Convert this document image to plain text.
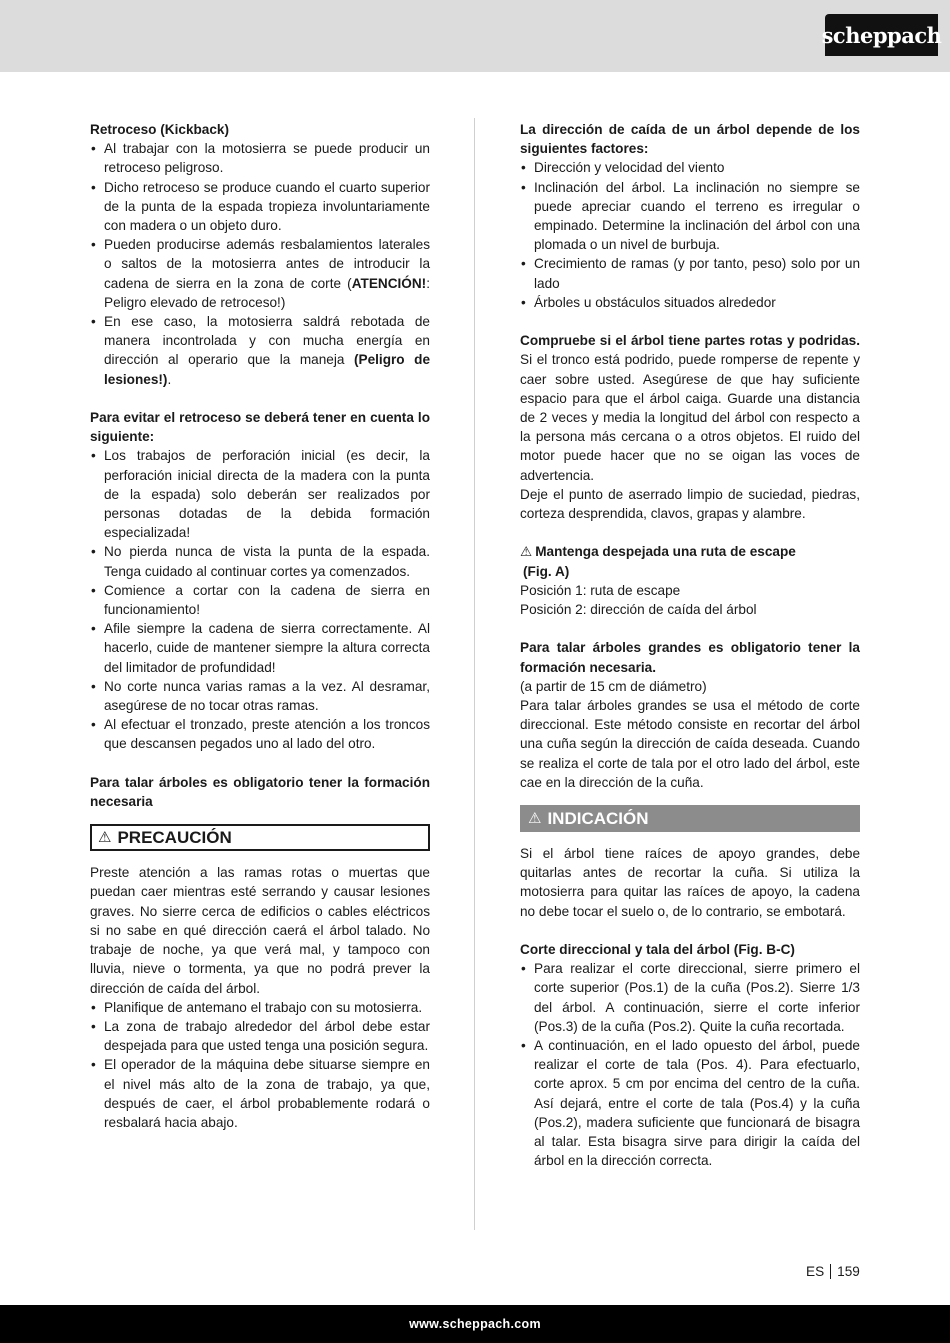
scheppach

Retroceso (Kickback)

• Al trabajar con la motosierra se puede producir un retroceso peligroso.
• Dicho retroceso se produce cuando el cuarto superior de la punta de la espada tropieza involuntariamente con madera o un objeto duro.
• Pueden producirse además resbalamientos laterales o saltos de la motosierra antes de introducir la cadena de sierra en la zona de corte (ATENCIÓN!: Peligro elevado de retroceso!)
• En ese caso, la motosierra saldrá rebotada de manera incontrolada y con mucha energía en dirección al operario que la maneja (Peligro de lesiones!).

Para evitar el retroceso se deberá tener en cuenta lo siguiente:

• Los trabajos de perforación inicial (es decir, la perforación inicial directa de la madera con la punta de la espada) solo deberán ser realizados por personas dotadas de la debida formación especializada!
• No pierda nunca de vista la punta de la espada. Tenga cuidado al continuar cortes ya comenzados.
• Comience a cortar con la cadena de sierra en funcionamiento!
• Afile siempre la cadena de sierra correctamente. Al hacerlo, cuide de mantener siempre la altura correcta del limitador de profundidad!
• No corte nunca varias ramas a la vez. Al desramar, asegúrese de no tocar otras ramas.
• Al efectuar el tronzado, preste atención a los troncos que descansen pegados uno al lado del otro.

Para talar árboles es obligatorio tener la formación necesaria

⚠ PRECAUCIÓN

Preste atención a las ramas rotas o muertas que puedan caer mientras esté serrando y causar lesiones graves. No sierre cerca de edificios o cables eléctricos si no sabe en qué dirección caerá el árbol talado. No trabaje de noche, ya que verá mal, y tampoco con lluvia, nieve o tormenta, ya que no podrá prever la dirección de caída del árbol.

• Planifique de antemano el trabajo con su motosierra.
• La zona de trabajo alrededor del árbol debe estar despejada para que usted tenga una posición segura.
• El operador de la máquina debe situarse siempre en el nivel más alto de la zona de trabajo, ya que, después de caer, el árbol probablemente rodará o resbalará hacia abajo.

La dirección de caída de un árbol depende de los siguientes factores:

• Dirección y velocidad del viento
• Inclinación del árbol. La inclinación no siempre se puede apreciar cuando el terreno es irregular o empinado. Determine la inclinación del árbol con una plomada o un nivel de burbuja.
• Crecimiento de ramas (y por tanto, peso) solo por un lado
• Árboles u obstáculos situados alrededor

Compruebe si el árbol tiene partes rotas y podridas. Si el tronco está podrido, puede romperse de repente y caer sobre usted. Asegúrese de que hay suficiente espacio para que el árbol caiga. Guarde una distancia de 2 veces y media la longitud del árbol con respecto a la persona más cercana o a otros objetos. El ruido del motor puede hacer que no se oigan las voces de advertencia.

Deje el punto de aserrado limpio de suciedad, piedras, corteza desprendida, clavos, grapas y alambre.

⚠ Mantenga despejada una ruta de escape

(Fig. A)

Posición 1: ruta de escape

Posición 2: dirección de caída del árbol

Para talar árboles grandes es obligatorio tener la formación necesaria.

(a partir de 15 cm de diámetro)

Para talar árboles grandes se usa el método de corte direccional. Este método consiste en recortar del árbol una cuña según la dirección de caída deseada. Cuando se realiza el corte de tala por el otro lado del árbol, este cae en la dirección de la cuña.

⚠ INDICACIÓN

Si el árbol tiene raíces de apoyo grandes, debe quitarlas antes de recortar la cuña. Si utiliza la motosierra para quitar las raíces de apoyo, la cadena no debe tocar el suelo o, de lo contrario, se embotará.

Corte direccional y tala del árbol (Fig. B-C)

• Para realizar el corte direccional, sierre primero el corte superior (Pos.1) de la cuña (Pos.2). Sierre 1/3 del árbol. A continuación, sierre el corte inferior (Pos.3) de la cuña (Pos.2). Quite la cuña recortada.
• A continuación, en el lado opuesto del árbol, puede realizar el corte de tala (Pos. 4). Para efectuarlo, corte aprox. 5 cm por encima del centro de la cuña. Así dejará, entre el corte de tala (Pos.4) y la cuña (Pos.2), madera suficiente que funcionará de bisagra al talar. Esta bisagra sirve para dirigir la caída del árbol en la dirección correcta.
ES 159
www.scheppach.com
